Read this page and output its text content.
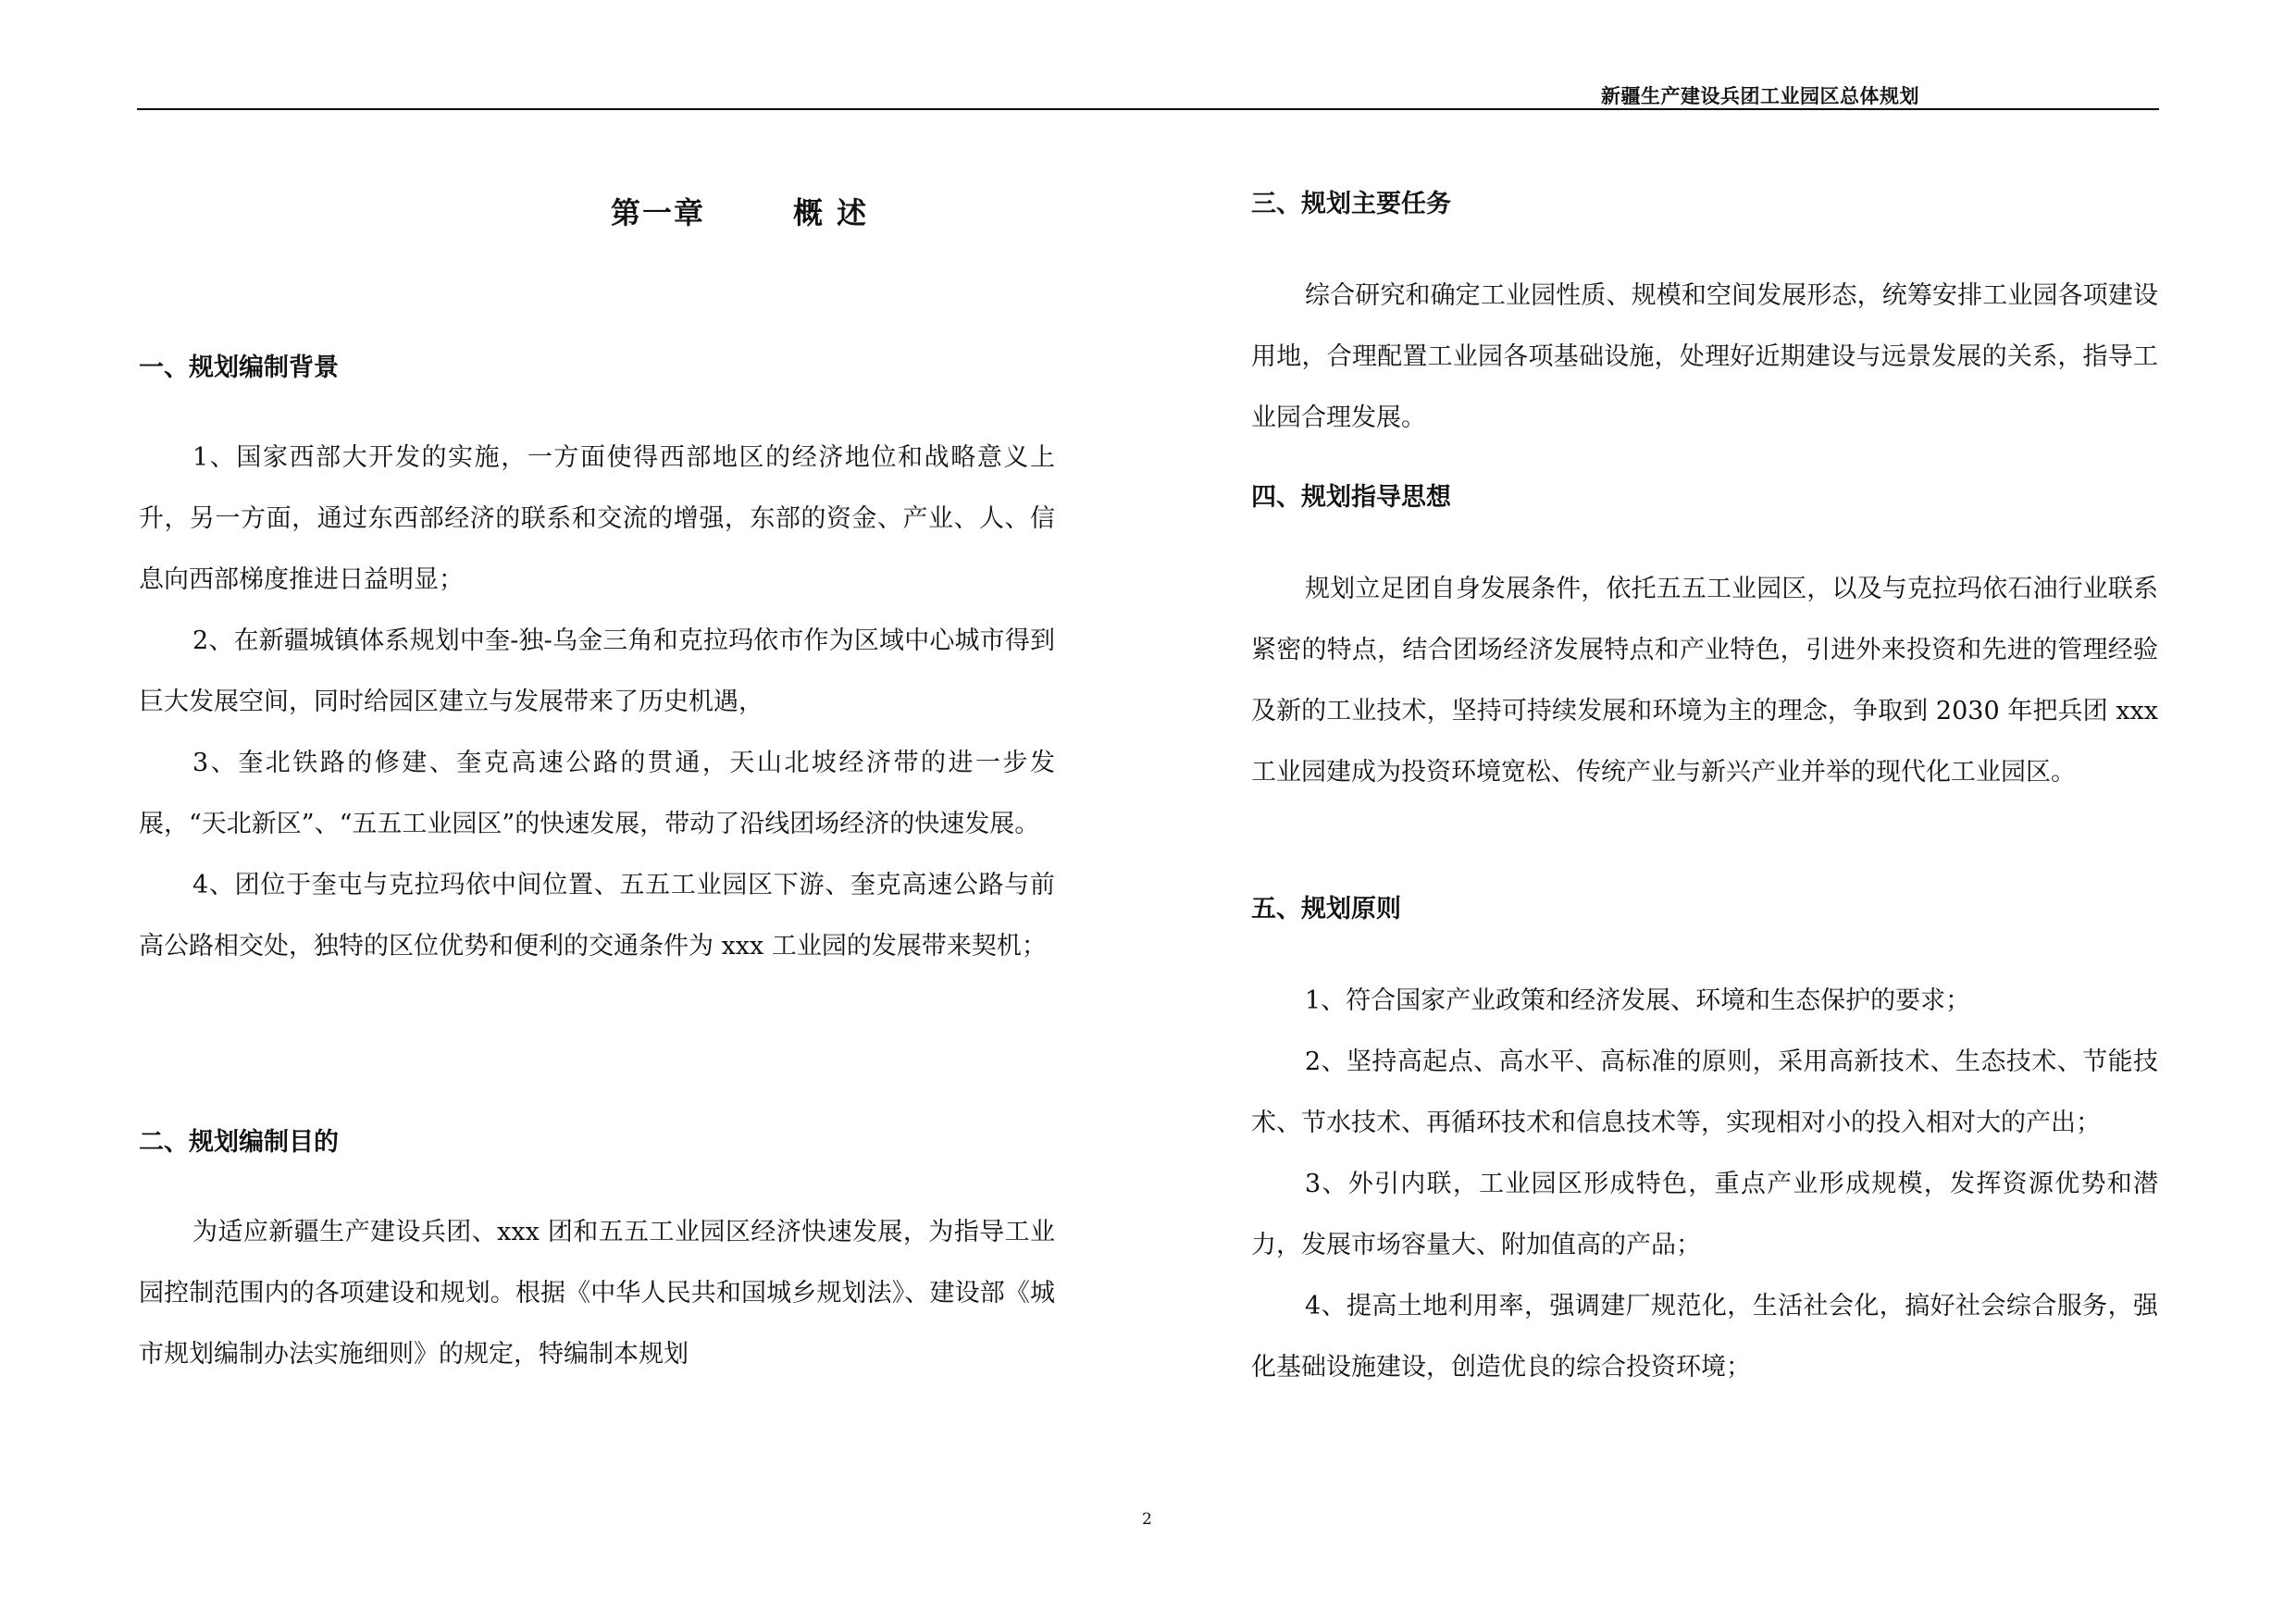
新疆生产建设兵团工业园区总体规划
第一章	概 述
一、规划编制背景

1、国家西部大开发的实施，一方面使得西部地区的经济地位和战略意义上升，另一方面，通过东西部经济的联系和交流的增强，东部的资金、产业、人、信息向西部梯度推进日益明显；

2、在新疆城镇体系规划中奎-独-乌金三角和克拉玛依市作为区域中心城市得到巨大发展空间，同时给园区建立与发展带来了历史机遇，

3、奎北铁路的修建、奎克高速公路的贯通，天山北坡经济带的进一步发展，“天北新区”、“五五工业园区”的快速发展，带动了沿线团场经济的快速发展。

4、团位于奎屯与克拉玛依中间位置、五五工业园区下游、奎克高速公路与前高公路相交处，独特的区位优势和便利的交通条件为 xxx 工业园的发展带来契机；

二、规划编制目的

为适应新疆生产建设兵团、xxx 团和五五工业园区经济快速发展，为指导工业园控制范围内的各项建设和规划。根据《中华人民共和国城乡规划法》、建设部《城市规划编制办法实施细则》的规定，特编制本规划

三、规划主要任务

综合研究和确定工业园性质、规模和空间发展形态，统筹安排工业园各项建设用地，合理配置工业园各项基础设施，处理好近期建设与远景发展的关系，指导工业园合理发展。

四、规划指导思想

规划立足团自身发展条件，依托五五工业园区，以及与克拉玛依石油行业联系紧密的特点，结合团场经济发展特点和产业特色，引进外来投资和先进的管理经验及新的工业技术，坚持可持续发展和环境为主的理念，争取到 2030 年把兵团 xxx 工业园建成为投资环境宽松、传统产业与新兴产业并举的现代化工业园区。

五、规划原则

1、符合国家产业政策和经济发展、环境和生态保护的要求；

2、坚持高起点、高水平、高标准的原则，采用高新技术、生态技术、节能技术、节水技术、再循环技术和信息技术等，实现相对小的投入相对大的产出；

3、外引内联，工业园区形成特色，重点产业形成规模，发挥资源优势和潜力，发展市场容量大、附加值高的产品；

4、提高土地利用率，强调建厂规范化，生活社会化，搞好社会综合服务，强化基础设施建设，创造优良的综合投资环境；

2
